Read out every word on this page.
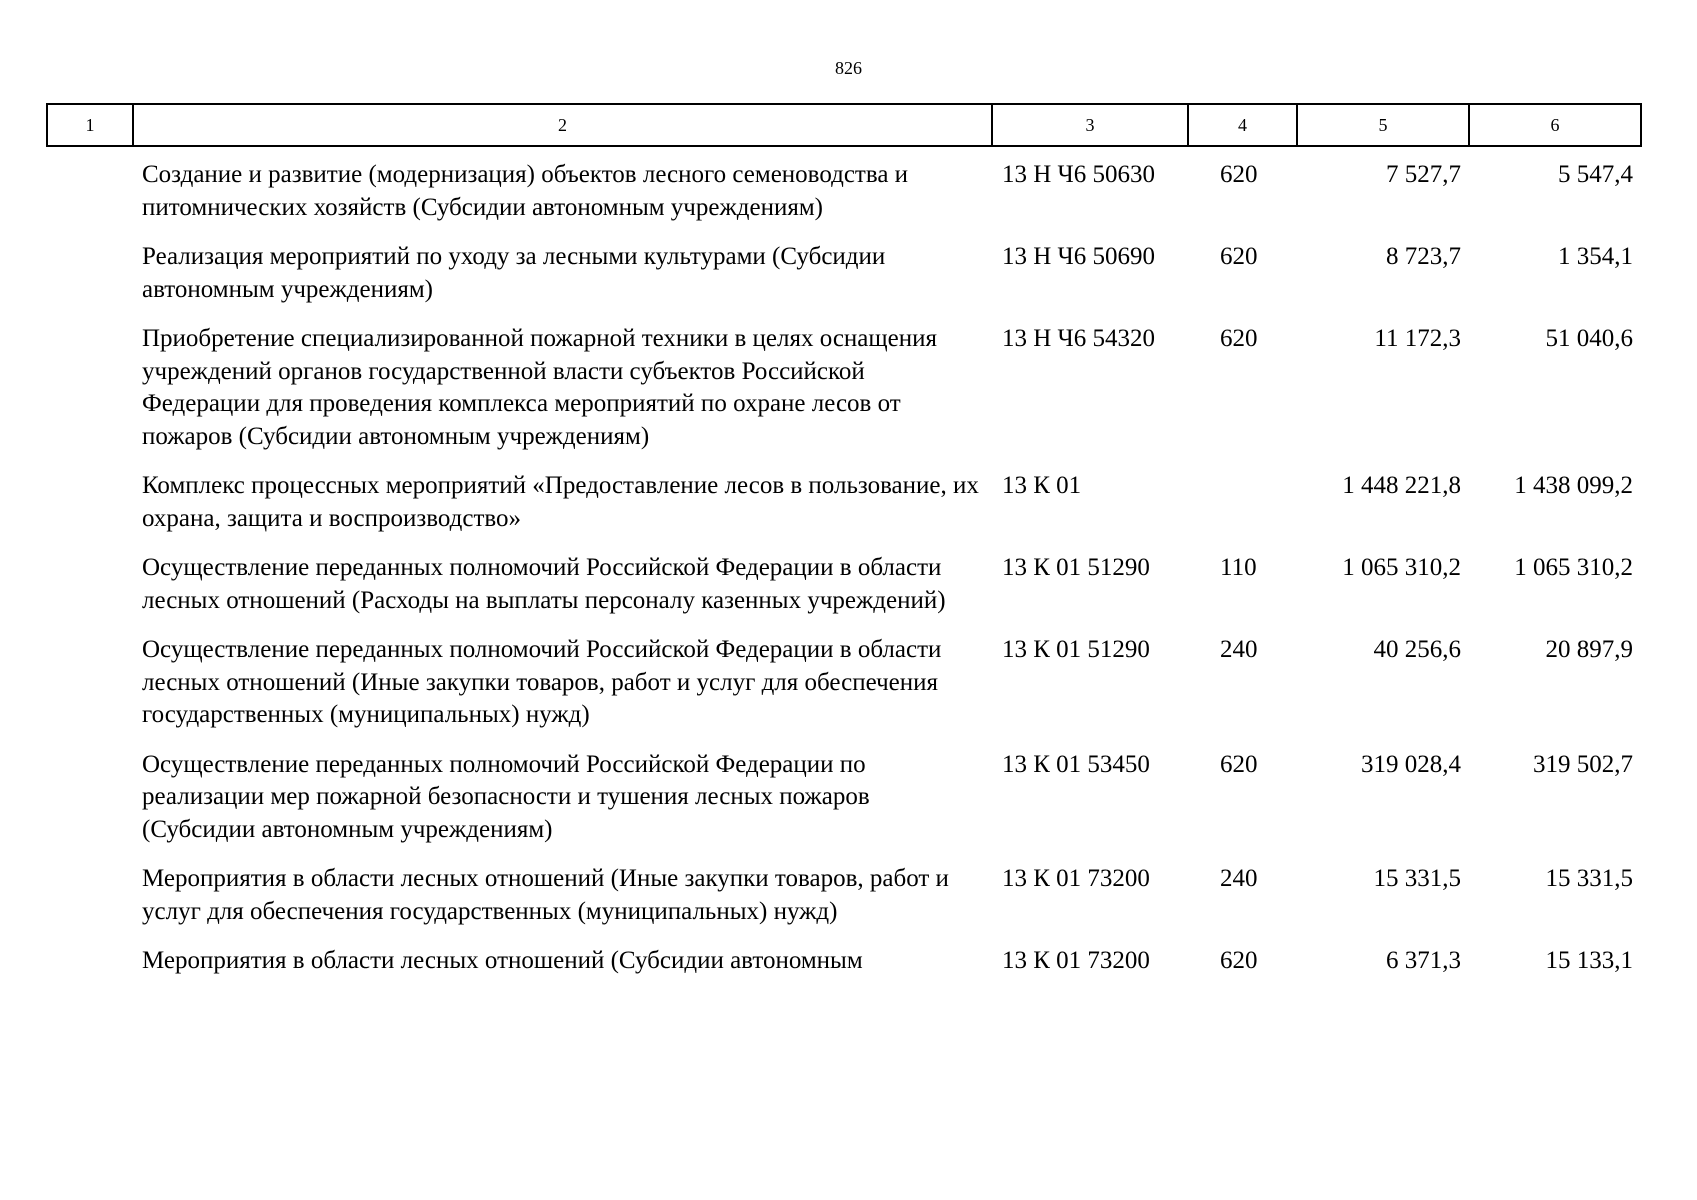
826
1	2	3	4	5	6
	Создание и развитие (модернизация) объектов лесного семеноводства и питомнических хозяйств (Субсидии автономным учреждениям)	13 Н Ч6 50630	620	7 527,7	5 547,4
	Реализация мероприятий по уходу за лесными культурами (Субсидии автономным учреждениям)	13 Н Ч6 50690	620	8 723,7	1 354,1
	Приобретение специализированной пожарной техники в целях оснащения учреждений органов государственной власти субъектов Российской Федерации для проведения комплекса мероприятий по охране лесов от пожаров (Субсидии автономным учреждениям)	13 Н Ч6 54320	620	11 172,3	51 040,6
	Комплекс процессных мероприятий «Предоставление лесов в пользование, их охрана, защита и воспроизводство»	13 К 01		1 448 221,8	1 438 099,2
	Осуществление переданных полномочий Российской Федерации в области лесных отношений (Расходы на выплаты персоналу казенных учреждений)	13 К 01 51290	110	1 065 310,2	1 065 310,2
	Осуществление переданных полномочий Российской Федерации в области лесных отношений (Иные закупки товаров, работ и услуг для обеспечения государственных (муниципальных) нужд)	13 К 01 51290	240	40 256,6	20 897,9
	Осуществление переданных полномочий Российской Федерации по реализации мер пожарной безопасности и тушения лесных пожаров (Субсидии автономным учреждениям)	13 К 01 53450	620	319 028,4	319 502,7
	Мероприятия в области лесных отношений (Иные закупки товаров, работ и услуг для обеспечения государственных (муниципальных) нужд)	13 К 01 73200	240	15 331,5	15 331,5
	Мероприятия в области лесных отношений (Субсидии автономным	13 К 01 73200	620	6 371,3	15 133,1
